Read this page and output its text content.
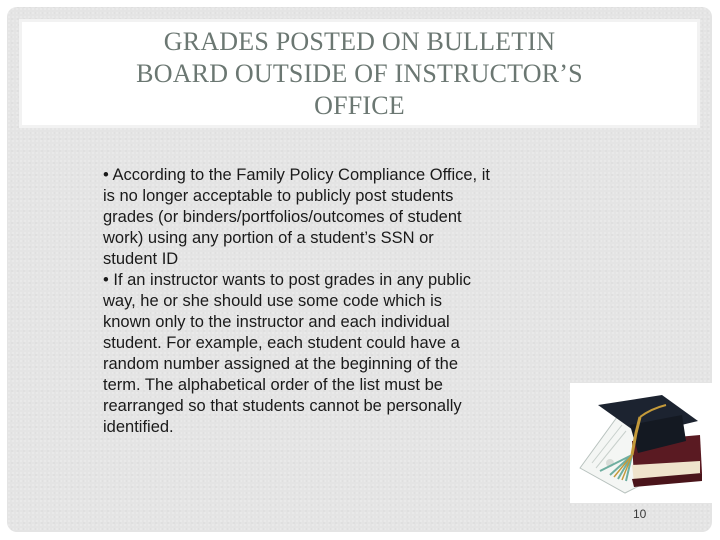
GRADES POSTED ON BULLETIN
BOARD OUTSIDE OF INSTRUCTOR’S
OFFICE
• According to the Family Policy Compliance Office, it
is no longer acceptable to publicly post students
grades (or binders/portfolios/outcomes of student
work) using any portion of a student’s SSN or
student ID
• If an instructor wants to post grades in any public
way, he or she should use some code which is
known only to the instructor and each individual
student. For example, each student could have a
random number assigned at the beginning of the
term. The alphabetical order of the list must be
rearranged so that students cannot be personally
identified.
10
